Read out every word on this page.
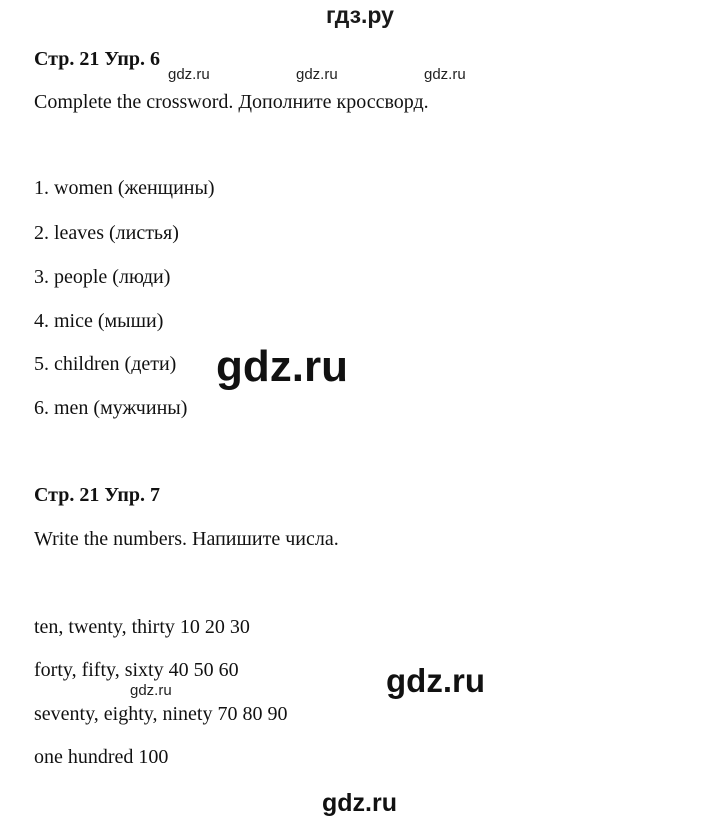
гдз.ру
Стр. 21 Упр. 6
gdz.ru	gdz.ru	gdz.ru
Complete the crossword. Дополните кроссворд.
1. women (женщины)
2. leaves (листья)
3. people (люди)
4. mice (мыши)
5. children (дети)
6. men (мужчины)
gdz.ru
Стр. 21 Упр. 7
Write the numbers. Напишите числа.
ten, twenty, thirty 10 20 30
forty, fifty, sixty 40 50 60
gdz.ru
seventy, eighty, ninety 70 80 90
one hundred 100
gdz.ru
gdz.ru
